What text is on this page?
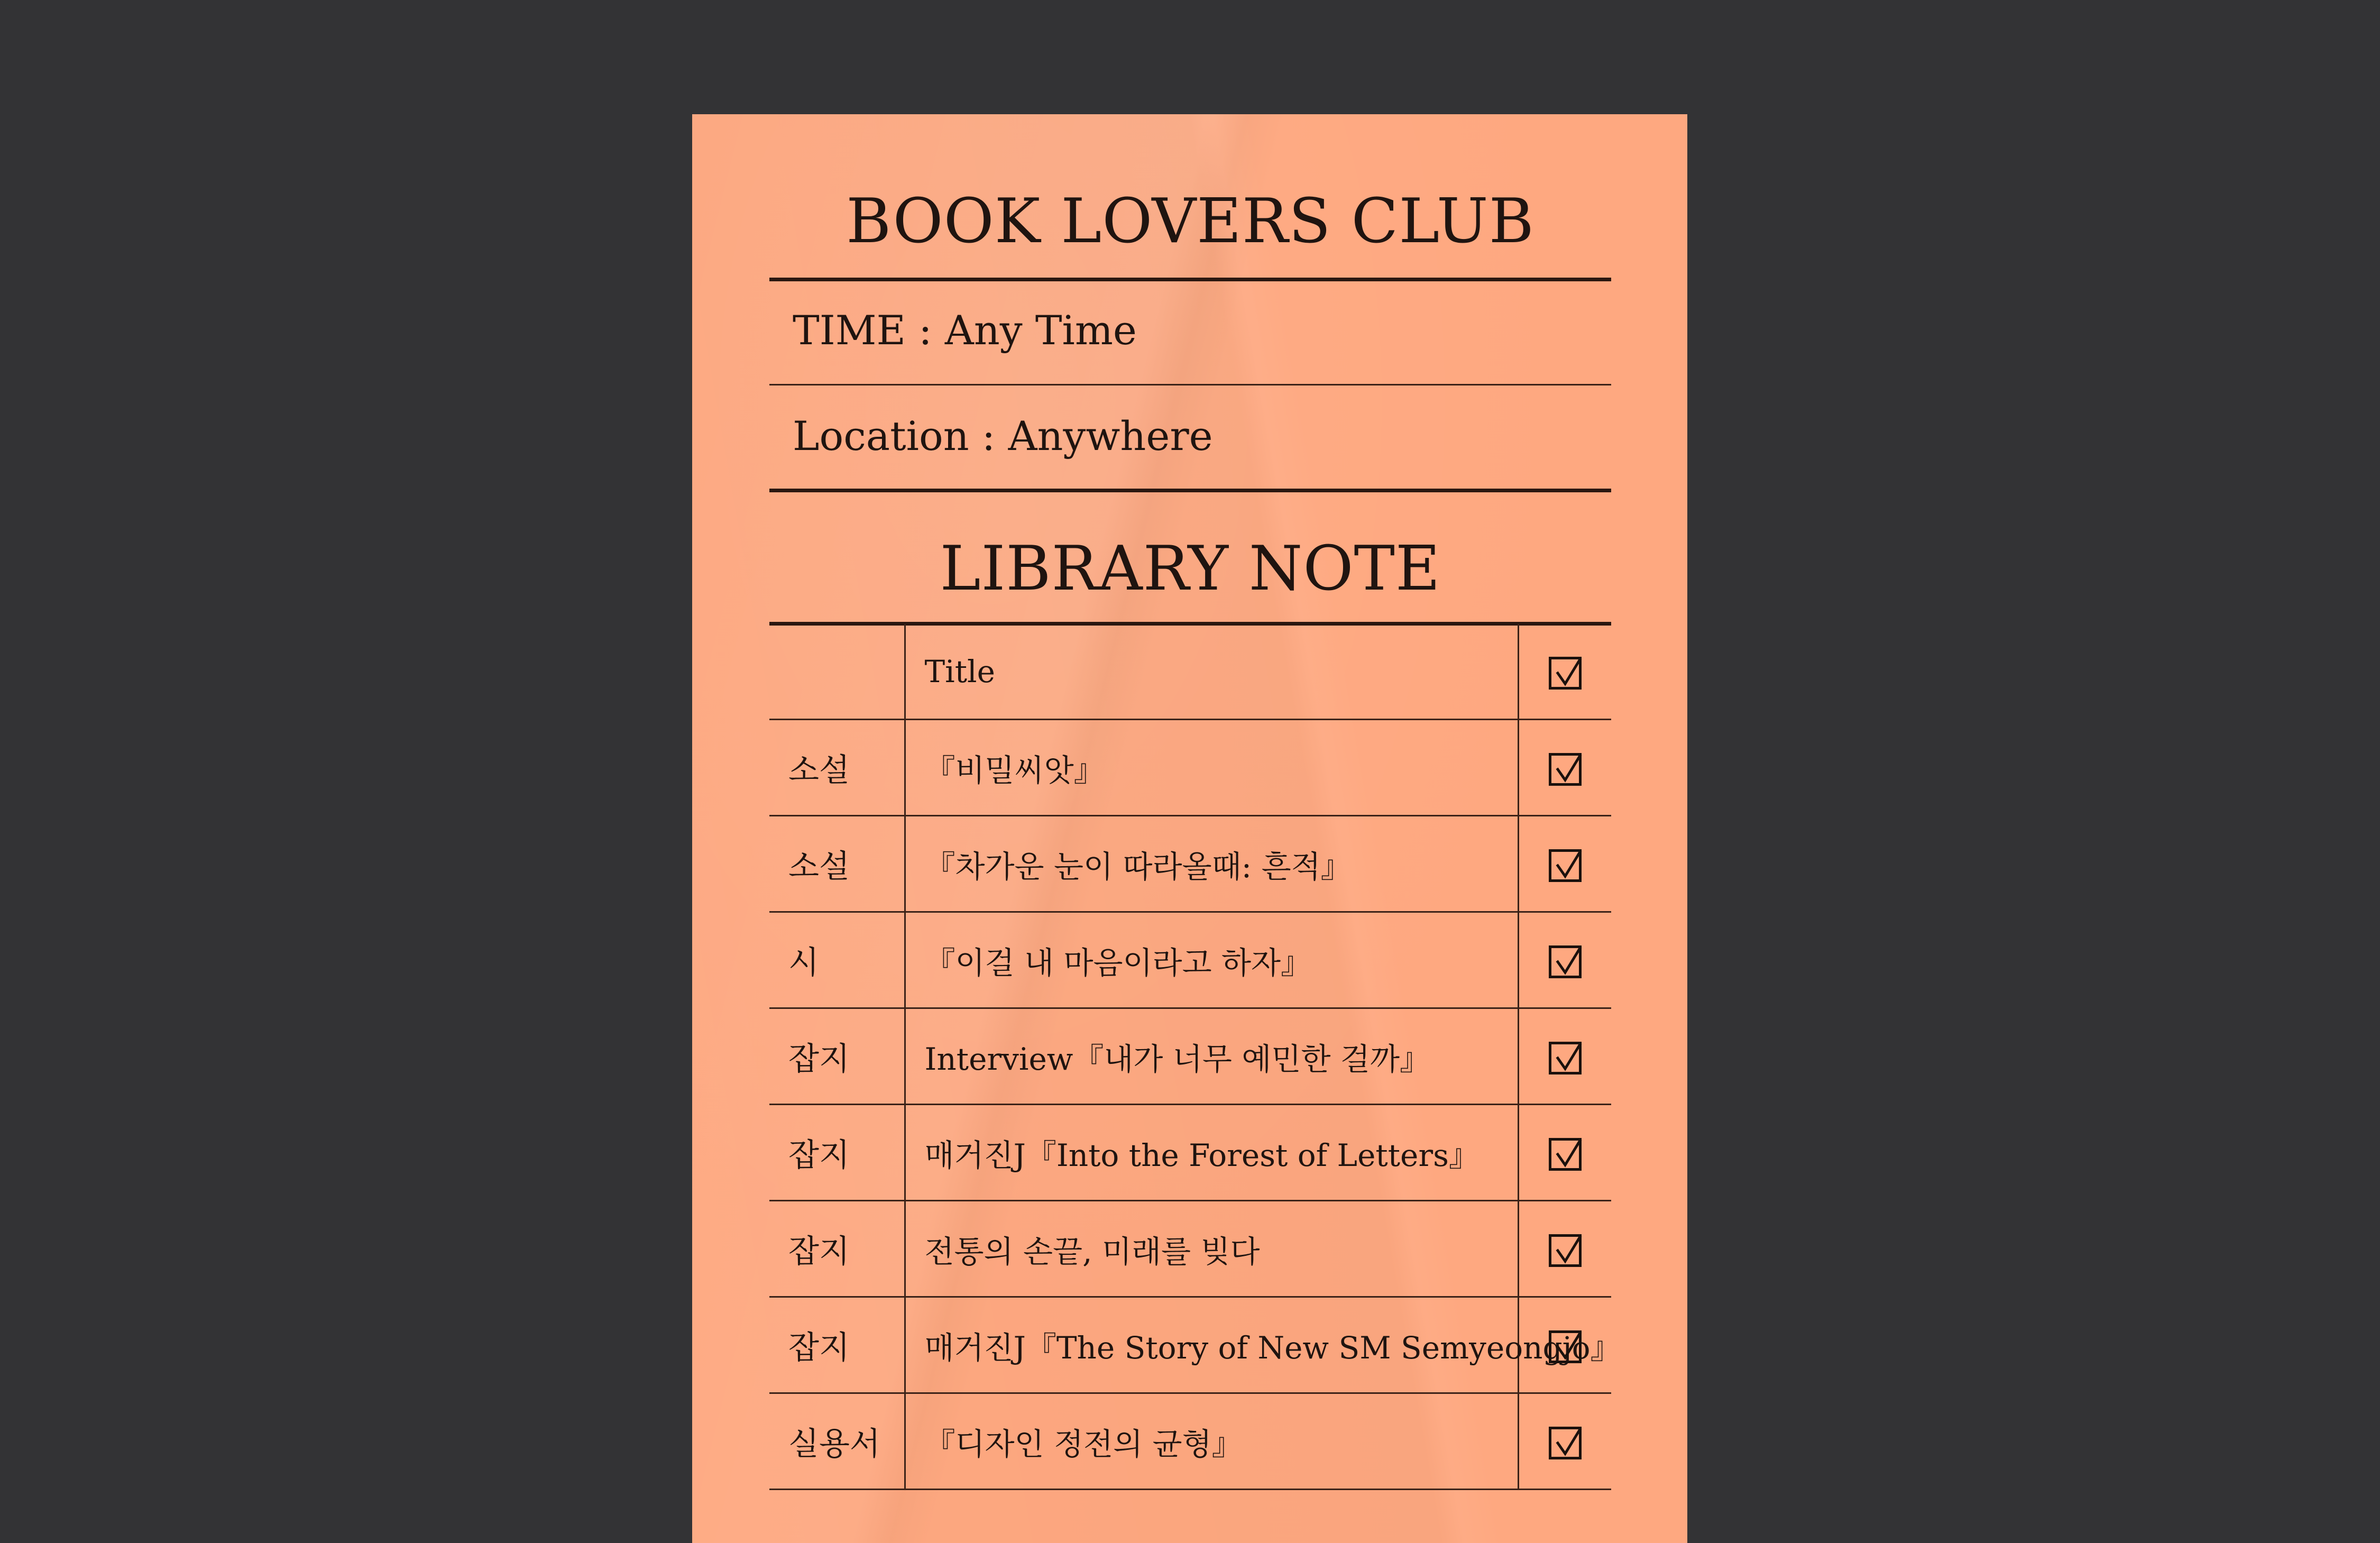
BOOK LOVERS CLUB
TIME : Any Time
Location : Anywhere
LIBRARY NOTE
	Title	

소설	『비밀씨앗』	

소설	『차가운 눈이 따라올때: 흔적』	

시	『이걸 내 마음이라고 하자』	

잡지	Interview『내가 너무 예민한 걸까』	

잡지	매거진J『Into the Forest of Letters』	

잡지	전통의 손끝, 미래를 빚다	

잡지	매거진J『The Story of New SM Semyeongjo』	

실용서	『디자인 정전의 균형』	
